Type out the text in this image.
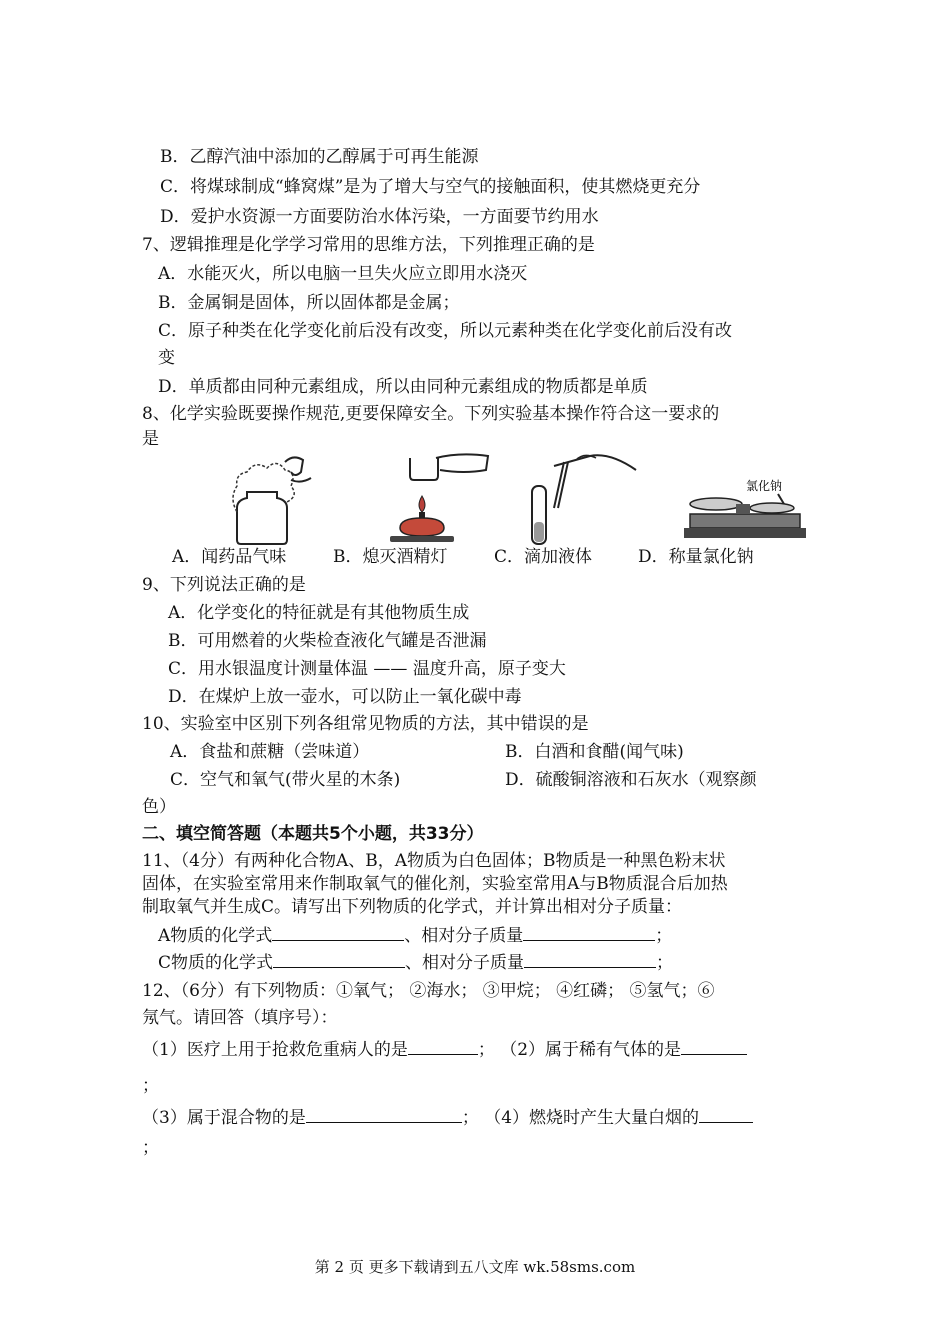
B．乙醇汽油中添加的乙醇属于可再生能源
C．将煤球制成“蜂窝煤”是为了增大与空气的接触面积，使其燃烧更充分
D．爱护水资源一方面要防治水体污染，一方面要节约用水
7、逻辑推理是化学学习常用的思维方法，下列推理正确的是
A．水能灭火，所以电脑一旦失火应立即用水浇灭
B．金属铜是固体，所以固体都是金属；
C．原子种类在化学变化前后没有改变，所以元素种类在化学变化前后没有改
变
D．单质都由同种元素组成，所以由同种元素组成的物质都是单质
8、化学实验既要操作规范,更要保障安全。下列实验基本操作符合这一要求的
是
氯化钠
A．闻药品气味	B．熄灭酒精灯	C．滴加液体	D．称量氯化钠
9、下列说法正确的是
A．化学变化的特征就是有其他物质生成
B．可用燃着的火柴检查液化气罐是否泄漏
C．用水银温度计测量体温 —— 温度升高，原子变大
D．在煤炉上放一壶水，可以防止一氧化碳中毒
10、实验室中区别下列各组常见物质的方法，其中错误的是
A．食盐和蔗糖（尝味道）	B．白酒和食醋(闻气味)
C．空气和氧气(带火星的木条)	D．硫酸铜溶液和石灰水（观察颜
色）
二、填空简答题（本题共5个小题，共33分）
11、（4分）有两种化合物A、B，A物质为白色固体；B物质是一种黑色粉末状
固体，在实验室常用来作制取氧气的催化剂，实验室常用A与B物质混合后加热
制取氧气并生成C。请写出下列物质的化学式，并计算出相对分子质量：
A物质的化学式	、相对分子质量	；
C物质的化学式	、相对分子质量	；
12、（6分）有下列物质：①氧气； ②海水； ③甲烷； ④红磷； ⑤氢气；⑥
氖气。请回答（填序号）：
（1）医疗上用于抢救危重病人的是	； （2）属于稀有气体的是
；
（3）属于混合物的是	； （4）燃烧时产生大量白烟的
；
第 2 页 更多下载请到五八文库 wk.58sms.com
